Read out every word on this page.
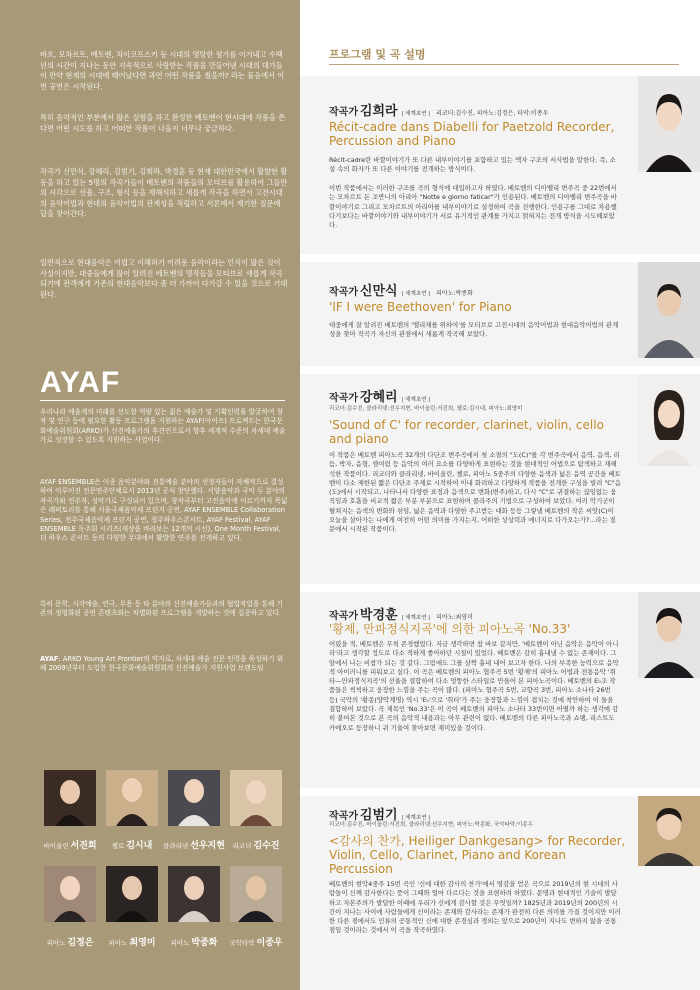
바흐, 모차르트, 베토벤, 차이코프스키 등 시대의 명망한 평가를 이겨내고 수백 년의 시간이 지나는 동안 지속적으로 사랑받는 작품을 만들어낸 시대의 대가들이 만약 현재의 시대에 태어났다면 과연 어떤 작품을 썼을까? 라는 물음에서 이번 공연은 시작된다.

특히 음악적인 부분에서 많은 실험을 하고 완성한 베토벤이 현시대에 작품을 쓴다면 어떤 시도를 하고 어떠한 작품이 나올지 너무나 궁금하다.

작곡가 신만식, 강혜리, 김범기, 김희라, 박경훈 등 현재 대한민국에서 활발한 활동을 하고 있는 5명의 작곡가들이 베토벤의 작품들의 모티브를 활용하여 그들만의 시각으로 선율, 구조, 형식 등을 재해석하고 새롭게 작곡을 하면서 고전시대의 음악어법과 현대의 음악어법의 관계성을 적립하고 서론에서 재기한 질문에 답을 찾아간다.

일반적으로 현대음악은 어렵고 이해하기 어려운 음악이라는 인식이 많은 것이 사실이지만, 대중들에게 많이 알려진 베토벤의 명작들을 모티브로 새롭게 작곡되기에 관객에게 기존의 현대음악보다 좀 더 가까이 다가갈 수 있을 것으로 기대된다.

AYAF

우리나라 예술계의 미래를 선도할 역량 있는 젊은 예술가 및 기획인력을 발굴하여 창작 및 연구 등에 필요한 활동 프로그램을 지원하는 AYAF(아이프) 프로젝트는 한국문화예술위원회(ARKO)가 신진예술가의 후견인으로서 향후 세계적 수준의 차세대 예술가로 성장할 수 있도록 지원하는 사업이다.

AYAF ENSEMBLE은 이종 음악분야와 전통예술 분야의 선정자들이 자체적으로 결성하여 이루어진 전문연주단체로서 2013년 공식 창단했다. 서양음악과 국악 두 분야의 작곡가와 연주자, 성악가로 구성되어 있으며, 창작곡부터 고전음악에 이르기까지 폭넓은 레퍼토리를 통해 서울국제음악제 프린지 공연, AYAF ENSEMBLE Collaboration Series, 전주국제음악제 프린지 공연, 청주하우스콘서트, AYAF Festival, AYAF ENSEMBLE 독주회 시리즈(세상을 바라보는 12개의 시선), One Month Festival, 더 하우스 콘서트 등의 다양한 무대에서 활발한 연주를 전개하고 있다.

특히 문학, 시각예술, 연극, 무용 등 타 분야의 신진예술가들과의 협업작업을 통해 기존의 정형화된 공연 콘텐츠와는 차별화된 프로그램을 개발하는 것에 집중하고 있다.

AYAF: ARKO Young Art Frontier의 약자로, 차세대 예술 전문 인력을 육성하기 위해 2009년부터 도입한 한국문화예술위원회의 신진예술가 지원사업 브랜드임

바이올린 서진희	첼로 김시내	클라리넷 선우지현	리코더 김수진
피아노 김정은	피아노 최영미	피아노 박종화	국악타악 이종우
프로그램 및 곡 설명
작곡가 김희라 | 세계초연 | 리코더:김수진, 피아노:김정은, 타악:이종우

Récit-cadre dans Diabelli for Paetzold Recorder, Percussion and Piano

Récit-cadre란 바깥이야기가 또 다른 내부이야기를 포함하고 있는 액자 구조의 서사법을 말한다. 즉, 소설 속의 화자가 또 다른 이야기를 전개하는 방식이다.

이번 작품에서는 이러한 구조를 곡의 형식에 대입하고자 하였다. 베토벤의 디아벨리 변주곡 중 22번에서는 모차르트 돈 조반니의 아리아 "Notte e giorno faticar"가 인용된다. 베토벤의 디아벨리 변주곡을 바깥이야기로 그리고 모차르트의 아리아를 내부이야기로 설정하여 곡을 진행한다. 인용구를 그대로 차용했다기보다는 바깥이야기와 내부이야기가 서로 유기적인 관계를 가지고 얽혀지는 전개 방식을 시도해보았다.

작곡가 신만식 | 세계초연 | 피아노:박종화

'IF I were Beethoven' for Piano

대중에게 잘 알려진 베토벤의 '엘리제를 위하여'를 모티브로 고전시대의 음악어법과 현대음악어법의 관계성을 찾아 작곡가 자신의 관점에서 새롭게 작곡해 보았다.

작곡가 강혜리 | 세계초연 |
리코더:김수진, 클라리넷:선우지현, 바이올린:서진희, 첼로:김시내, 피아노:최영미

'Sound of C' for recorder, clarinet, violin, cello and piano

이 작품은 베토벤 피아노곡 32개의 다단조 변주곡에서 첫 소절의 "도(C)"를 각 변주곡에서 음역, 음색, 리듬, 박자, 음형, 셈여림 등 음악의 여러 요소를 다양하게 표현하는 것을 현대적인 어법으로 탐색하고 재해석한 작품이다. 리코더와 클라리넷, 바이올린, 첼로, 피아노 5중주의 다양한 음색과 넓은 음역 공간을 베토벤이 다소 제한된 짧은 다단조 주제로 시작하여 이내 화려하고 다양하게 작품을 전개한 구성을 빌려 "C"음(도)에서 시작되고, 나타나서 다양한 표정과 음색으로 변화(변주)하고, 다시 "C"로 귀결하는 끊임없는 움직임과 호흡을 비교적 짧은 부분 부분으로 표현하며 콜라주의 기법으로 구성하여 보았다. 여러 악기군이 펼쳐지는 음색의 변화와 섞임, 넓은 음역과 다양한 주고받는 대화 등등 그렇낼 베토벤의 작은 씨앗(C)이 오늘을 살아가는 나에게 여전히 어떤 의미를 가지는지, 어떠한 상상력과 에너지로 다가오는가?...라는 질문에서 시작된 작품이다.

작곡가 박경훈 | 세계초연 | 피아노:최영미

'황제, 만파정식지곡'에 의한 피아노곡 'No.33'

어렸을 적, 베토벤은 무척 존경했었다. 지금 생각하면 참 바보 같지만, '베토벤이 아닌 음악은 음악이 아니라'라고 생각할 정도로 다소 격하게 좋아하던 시절이 있었다. 베토벤은 감히 흉내낼 수 없는 존재이다. 그 앞에서 나는 비참가 되는 것 같다. 그럼에도 그를 살짝 흉내 내어 보고자 한다. 나의 부족한 능력으로 음악적 아이러니를 피워보고 싶다. 이 곡은 베토벤의 피아노 협주곡 5번 '황제'의 피아노 어법과 전통음악 '취타—만파정식지곡'의 선율을 결합하여 다소 엉뚱한 스타일로 만들어 본 피아노곡이다. 베토벤의 E♭조 작품들은 씩씩하고 웅장한 느낌을 주는 곡이 많다. (피아노 협주곡 5번, 교향곡 3번, 피아노 소나타 26번 등) 국악의 '황종(양악계명) 역시 'E♭'으로 '취타'가 주는 웅장함과 느낌이 겹치는 것에 착안하여 이 둘을 결합하여 보았다. 곡 제목인 'No.33'은 이 곡이 베토벤의 피아노 소나타 33번이면 어떨까 하는 생각에 감히 붙여본 것으로 본 곡의 음악적 내용과는 아무 관련이 없다. 베토벤의 다른 피아노곡과 쇼팽, 리스트도 카메오로 등장하니 귀 기울여 찾아보면 재미있을 것이다.

작곡가 김범기 | 세계초연 |
리코더:김수진, 바이올린:서진희, 클라리넷:선우지현, 피아노:박종화, 국악타악:이종우

<감사의 찬가, Heiliger Dankgesang> for Recorder, Violin, Cello, Clarinet, Piano and Korean Percussion

베토벤의 현악4중주 15번 곡인 '신에 대한 감사의 찬가'에서 영감을 얻은 곡으로 2019년의 현 시대의 사람들이 신께 감사한다는 뜻이 그때와 얼마 다르다는 것을 표현하려 하였다. 문명과 현대적인 기술이 발달하고 자본주의가 발달한 이때에 우리가 신에게 감사할 것은 무엇일까? 1825년과 2019년의 200년의 시간이 지나는 사이에 사람들에게 신이라는 존재와 감사라는 존재가 완전히 다른 의미를 가질 것이지만 이러한 다른 점에서도 인류의 공통적인 신에 대한 존경심과 경외는 앞으로 200년이 지나도 변하지 않을 공통점일 것이라는 것에서 이 곡을 작곡하였다.
